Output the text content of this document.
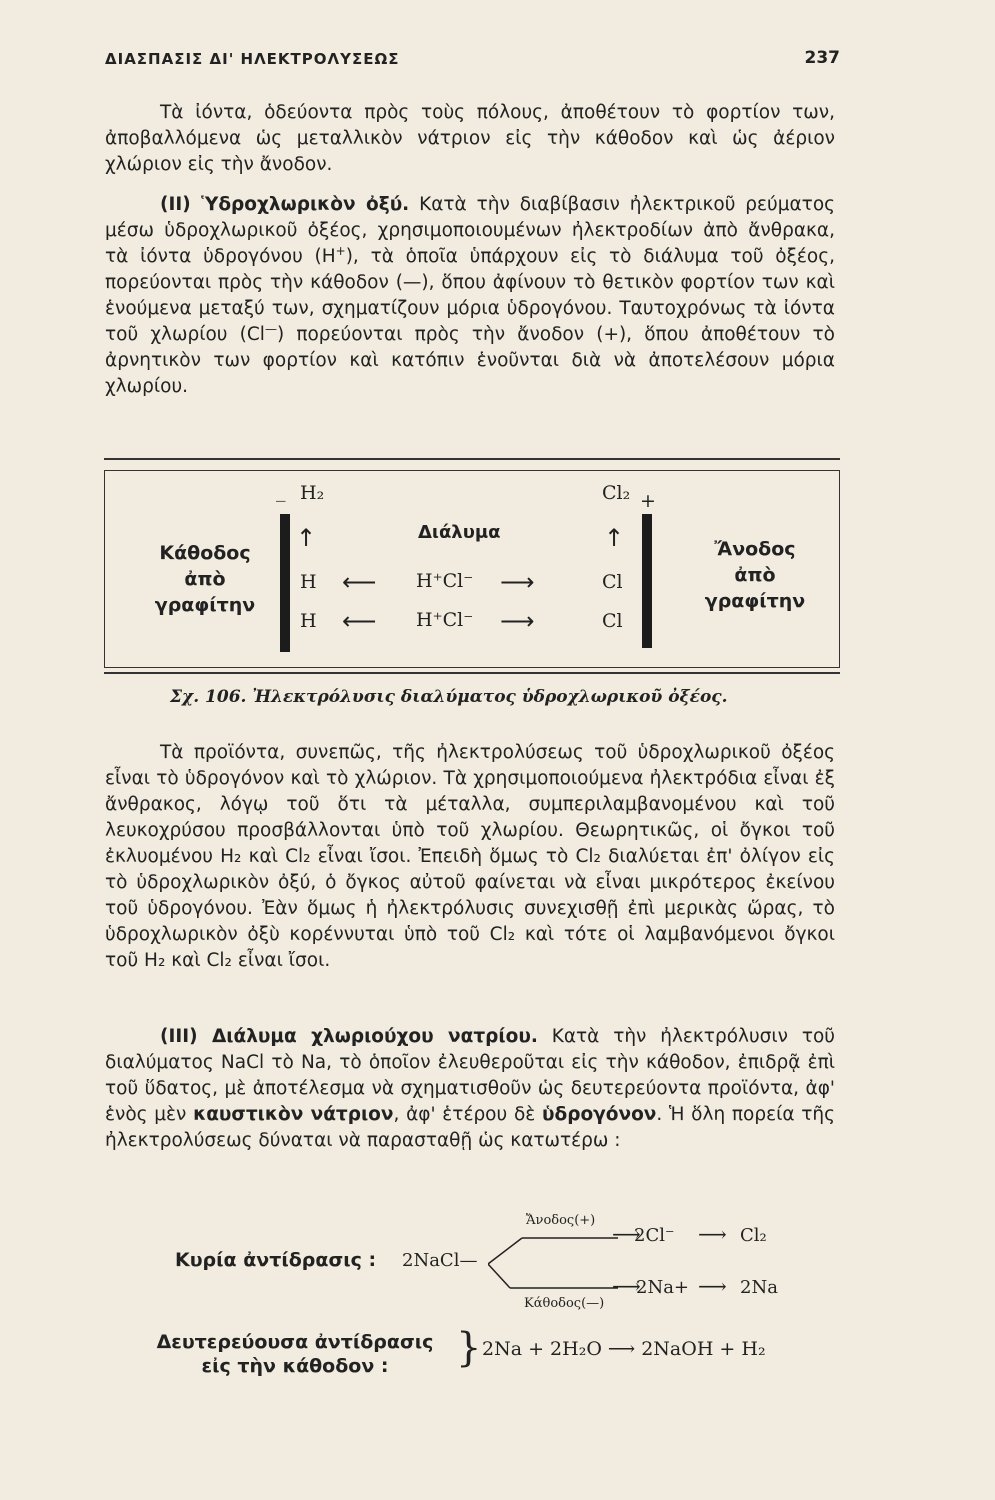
ΔΙΑΣΠΑΣΙΣ ΔΙ' ΗΛΕΚΤΡΟΛΥΣΕΩΣ	237

Τὰ ἰόντα, ὁδεύοντα πρὸς τοὺς πόλους, ἀποθέτουν τὸ φορτίον των, ἀποβαλλόμενα ὡς μεταλλικὸν νάτριον εἰς τὴν κάθοδον καὶ ὡς ἀέριον χλώριον εἰς τὴν ἄνοδον.

(II) Ὑδροχλωρικὸν ὀξύ. Κατὰ τὴν διαβίβασιν ἠλεκτρικοῦ ρεύματος μέσω ὑδροχλωρικοῦ ὀξέος, χρησιμοποιουμένων ἠλεκτροδίων ἀπὸ ἄνθρακα, τὰ ἰόντα ὑδρογόνου (H+), τὰ ὁποῖα ὑπάρχουν εἰς τὸ διάλυμα τοῦ ὀξέος, πορεύονται πρὸς τὴν κάθοδον (—), ὅπου ἀφίνουν τὸ θετικὸν φορτίον των καὶ ἑνούμενα μεταξύ των, σχηματίζουν μόρια ὑδρογόνου. Ταυτοχρόνως τὰ ἰόντα τοῦ χλωρίου (Cl—) πορεύονται πρὸς τὴν ἄνοδον (+), ὅπου ἀποθέτουν τὸ ἀρνητικὸν των φορτίον καὶ κατόπιν ἑνοῦνται διὰ νὰ ἀποτελέσουν μόρια χλωρίου.

Κάθοδος
ἀπὸ
γραφίτην
Ἄνοδος
ἀπὸ
γραφίτην
_ H₂	Cl₂ +
Διάλυμα
↑	↑
H ⟵ H⁺Cl⁻ ⟶	Cl
H ⟵ H⁺Cl⁻ ⟶	Cl
Σχ. 106. Ἠλεκτρόλυσις διαλύματος ὑδροχλωρικοῦ ὀξέος.

Τὰ προϊόντα, συνεπῶς, τῆς ἠλεκτρολύσεως τοῦ ὑδροχλωρικοῦ ὀξέος εἶναι τὸ ὑδρογόνον καὶ τὸ χλώριον. Τὰ χρησιμοποιούμενα ἠλεκτρόδια εἶναι ἐξ ἄνθρακος, λόγῳ τοῦ ὅτι τὰ μέταλλα, συμπεριλαμβανομένου καὶ τοῦ λευκοχρύσου προσβάλλονται ὑπὸ τοῦ χλωρίου. Θεωρητικῶς, οἱ ὄγκοι τοῦ ἐκλυομένου H₂ καὶ Cl₂ εἶναι ἴσοι. Ἐπειδὴ ὅμως τὸ Cl₂ διαλύεται ἐπ' ὀλίγον εἰς τὸ ὑδροχλωρικὸν ὀξύ, ὁ ὄγκος αὐτοῦ φαίνεται νὰ εἶναι μικρότερος ἐκείνου τοῦ ὑδρογόνου. Ἐὰν ὅμως ἡ ἠλεκτρόλυσις συνεχισθῇ ἐπὶ μερικὰς ὥρας, τὸ ὑδροχλωρικὸν ὀξὺ κορέννυται ὑπὸ τοῦ Cl₂ καὶ τότε οἱ λαμβανόμενοι ὄγκοι τοῦ H₂ καὶ Cl₂ εἶναι ἴσοι.

(III) Διάλυμα χλωριούχου νατρίου. Κατὰ τὴν ἠλεκτρόλυσιν τοῦ διαλύματος NaCl τὸ Na, τὸ ὁποῖον ἐλευθεροῦται εἰς τὴν κάθοδον, ἐπιδρᾷ ἐπὶ τοῦ ὕδατος, μὲ ἀποτέλεσμα νὰ σχηματισθοῦν ὡς δευτερεύοντα προϊόντα, ἀφ' ἑνὸς μὲν καυστικὸν νάτριον, ἀφ' ἑτέρου δὲ ὑδρογόνον. Ἡ ὅλη πορεία τῆς ἠλεκτρολύσεως δύναται νὰ παρασταθῇ ὡς κατωτέρω :

Κυρία ἀντίδρασις : 2NaCl—
Ἄνοδος(+)
Κάθοδος(—)
⟶
2Cl⁻ ⟶ Cl₂
⟶
2Na+ ⟶ 2Na
Δευτερεύουσα ἀντίδρασις
εἰς τὴν κάθοδον :	} 2Na + 2H₂O ⟶ 2NaOH + H₂
